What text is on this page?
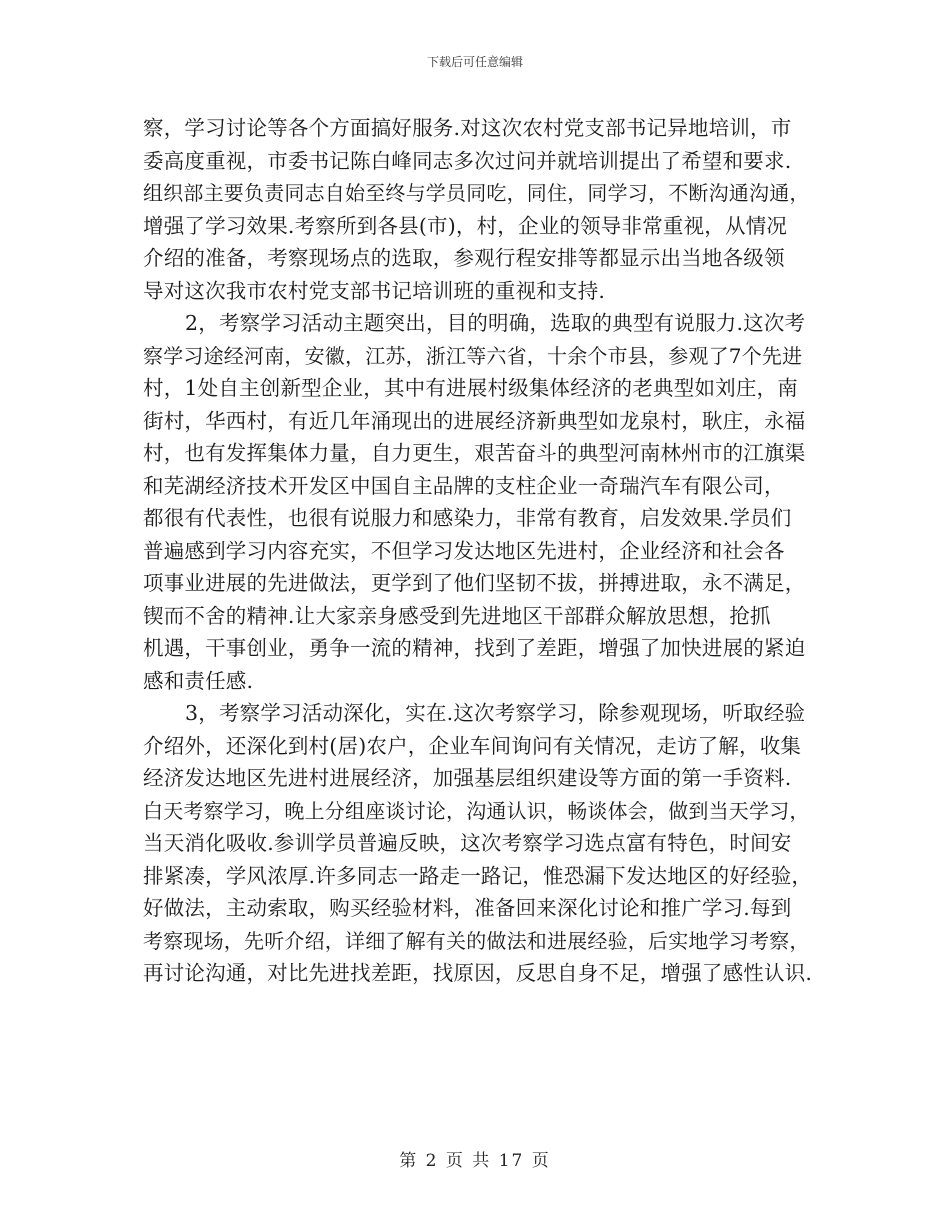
下载后可任意编辑
察，学习讨论等各个方面搞好服务.对这次农村党支部书记异地培训，市
委高度重视，市委书记陈白峰同志多次过问并就培训提出了希望和要求.
组织部主要负责同志自始至终与学员同吃，同住，同学习，不断沟通沟通，
增强了学习效果.考察所到各县(市)，村，企业的领导非常重视，从情况
介绍的准备，考察现场点的选取，参观行程安排等都显示出当地各级领
导对这次我市农村党支部书记培训班的重视和支持.
2，考察学习活动主题突出，目的明确，选取的典型有说服力.这次考
察学习途经河南，安徽，江苏，浙江等六省，十余个市县，参观了7个先进
村，1处自主创新型企业，其中有进展村级集体经济的老典型如刘庄，南
街村，华西村，有近几年涌现出的进展经济新典型如龙泉村，耿庄，永福
村，也有发挥集体力量，自力更生，艰苦奋斗的典型河南林州市的江旗渠
和芜湖经济技术开发区中国自主品牌的支柱企业一奇瑞汽车有限公司，
都很有代表性，也很有说服力和感染力，非常有教育，启发效果.学员们
普遍感到学习内容充实，不但学习发达地区先进村，企业经济和社会各
项事业进展的先进做法，更学到了他们坚韧不拔，拼搏进取，永不满足，
锲而不舍的精神.让大家亲身感受到先进地区干部群众解放思想，抢抓
机遇，干事创业，勇争一流的精神，找到了差距，增强了加快进展的紧迫
感和责任感.
3，考察学习活动深化，实在.这次考察学习，除参观现场，听取经验
介绍外，还深化到村(居)农户，企业车间询问有关情况，走访了解，收集
经济发达地区先进村进展经济，加强基层组织建设等方面的第一手资料.
白天考察学习，晚上分组座谈讨论，沟通认识，畅谈体会，做到当天学习，
当天消化吸收.参训学员普遍反映，这次考察学习选点富有特色，时间安
排紧凑，学风浓厚.许多同志一路走一路记，惟恐漏下发达地区的好经验，
好做法，主动索取，购买经验材料，准备回来深化讨论和推广学习.每到
考察现场，先听介绍，详细了解有关的做法和进展经验，后实地学习考察，
再讨论沟通，对比先进找差距，找原因，反思自身不足，增强了感性认识.
第 2 页 共 17 页
